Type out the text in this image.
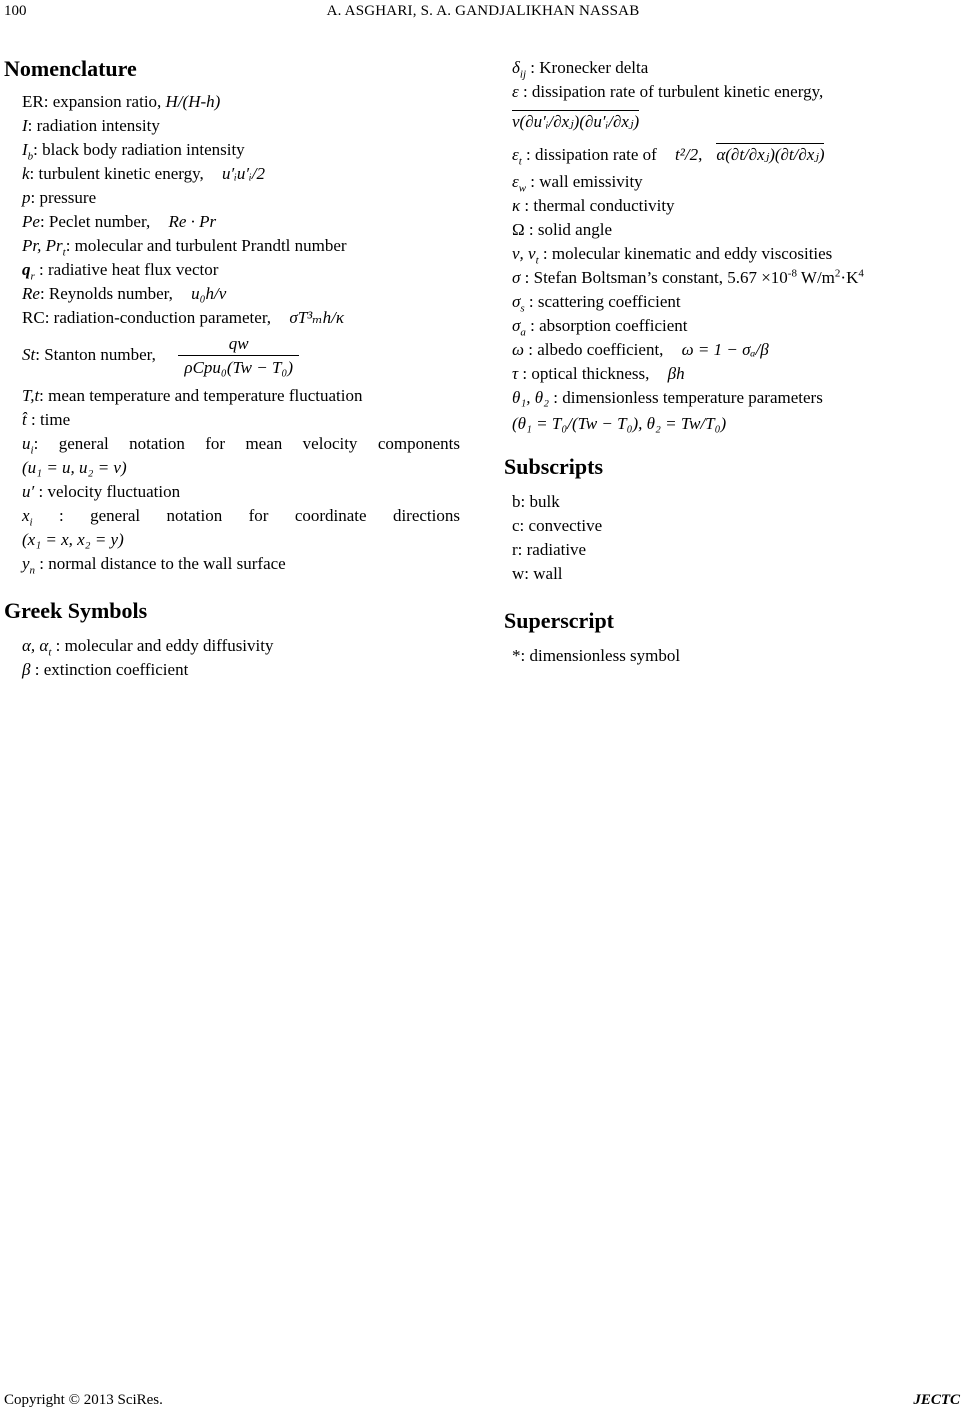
100	A. ASGHARI, S. A. GANDJALIKHAN NASSAB
Nomenclature
ER: expansion ratio, H/(H-h)
I: radiation intensity
$I_b$: black body radiation intensity
k: turbulent kinetic energy, u′ᵢu′ᵢ/2
p: pressure
Pe: Peclet number, Re · Pr
Pr, $Pr_t$: molecular and turbulent Prandtl number
$q_r$ : radiative heat flux vector
Re: Reynolds number, u₀h/ν
RC: radiation-conduction parameter, σT³ₘh/κ
St: Stanton number, $\frac{qw}{\text{ρCpu₀(Tw − T₀)}}$
T,t: mean temperature and temperature fluctuation
t̂ : time
$u_i$: general notation for mean velocity components
(u₁ = u, u₂ = v)
u′ : velocity fluctuation
$x_i$ : general notation for coordinate directions
(x₁ = x, x₂ = y)
$y_n$ : normal distance to the wall surface
Greek Symbols
α, $\alpha_t$ : molecular and eddy diffusivity
β : extinction coefficient
$\delta_{ij}$ : Kronecker delta
ε : dissipation rate of turbulent kinetic energy,
ν(∂u′ᵢ/∂xⱼ)(∂u′ᵢ/∂xⱼ)
$\varepsilon_t$ : dissipation rate of t²/2, α(∂t/∂xⱼ)(∂t/∂xⱼ)
$\varepsilon_w$ : wall emissivity
κ : thermal conductivity
Ω : solid angle
ν, $\nu_t$ : molecular kinematic and eddy viscosities
σ : Stefan Boltsman’s constant, $5.67 \times 10^{-8}$ $W/m^2\cdot K^4$
$\sigma_s$ : scattering coefficient
$\sigma_a$ : absorption coefficient
ω : albedo coefficient, ω = 1 − σₐ/β
τ : optical thickness, βh
θ₁, θ₂ : dimensionless temperature parameters
(θ₁ = T₀/(Tw − T₀), θ₂ = Tw/T₀)
Subscripts
b: bulk
c: convective
r: radiative
w: wall
Superscript
*: dimensionless symbol
Copyright © 2013 SciRes.	JECTC
